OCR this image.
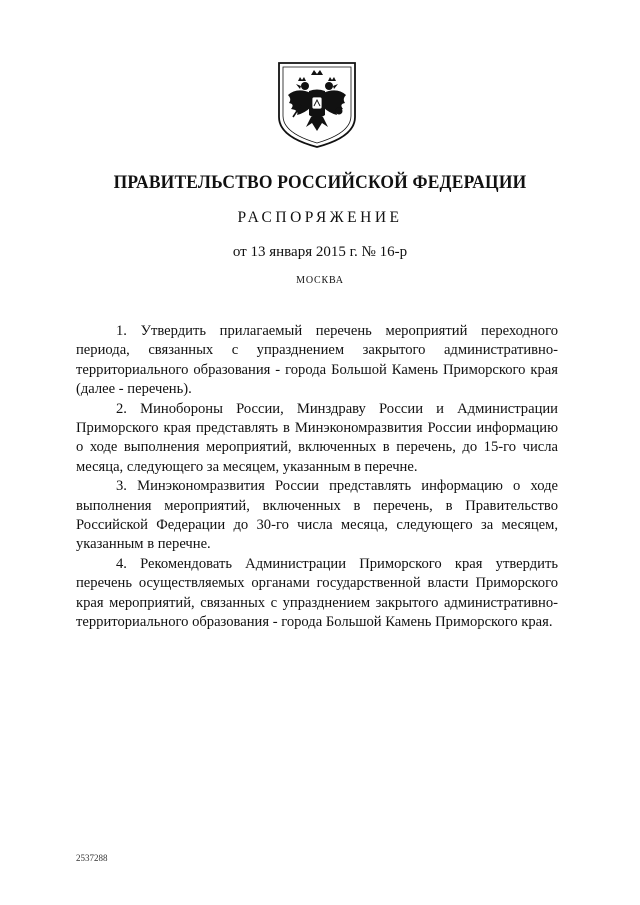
ПРАВИТЕЛЬСТВО РОССИЙСКОЙ ФЕДЕРАЦИИ
РАСПОРЯЖЕНИЕ
от 13 января 2015 г. № 16-р
МОСКВА

1. Утвердить прилагаемый перечень мероприятий переходного периода, связанных с упразднением закрытого административно-территориального образования - города Большой Камень Приморского края (далее - перечень).

2. Минобороны России, Минздраву России и Администрации Приморского края представлять в Минэкономразвития России информацию о ходе выполнения мероприятий, включенных в перечень, до 15-го числа месяца, следующего за месяцем, указанным в перечне.

3. Минэкономразвития России представлять информацию о ходе выполнения мероприятий, включенных в перечень, в Правительство Российской Федерации до 30-го числа месяца, следующего за месяцем, указанным в перечне.

4. Рекомендовать Администрации Приморского края утвердить перечень осуществляемых органами государственной власти Приморского края мероприятий, связанных с упразднением закрытого административно-территориального образования - города Большой Камень Приморского края.

2537288
